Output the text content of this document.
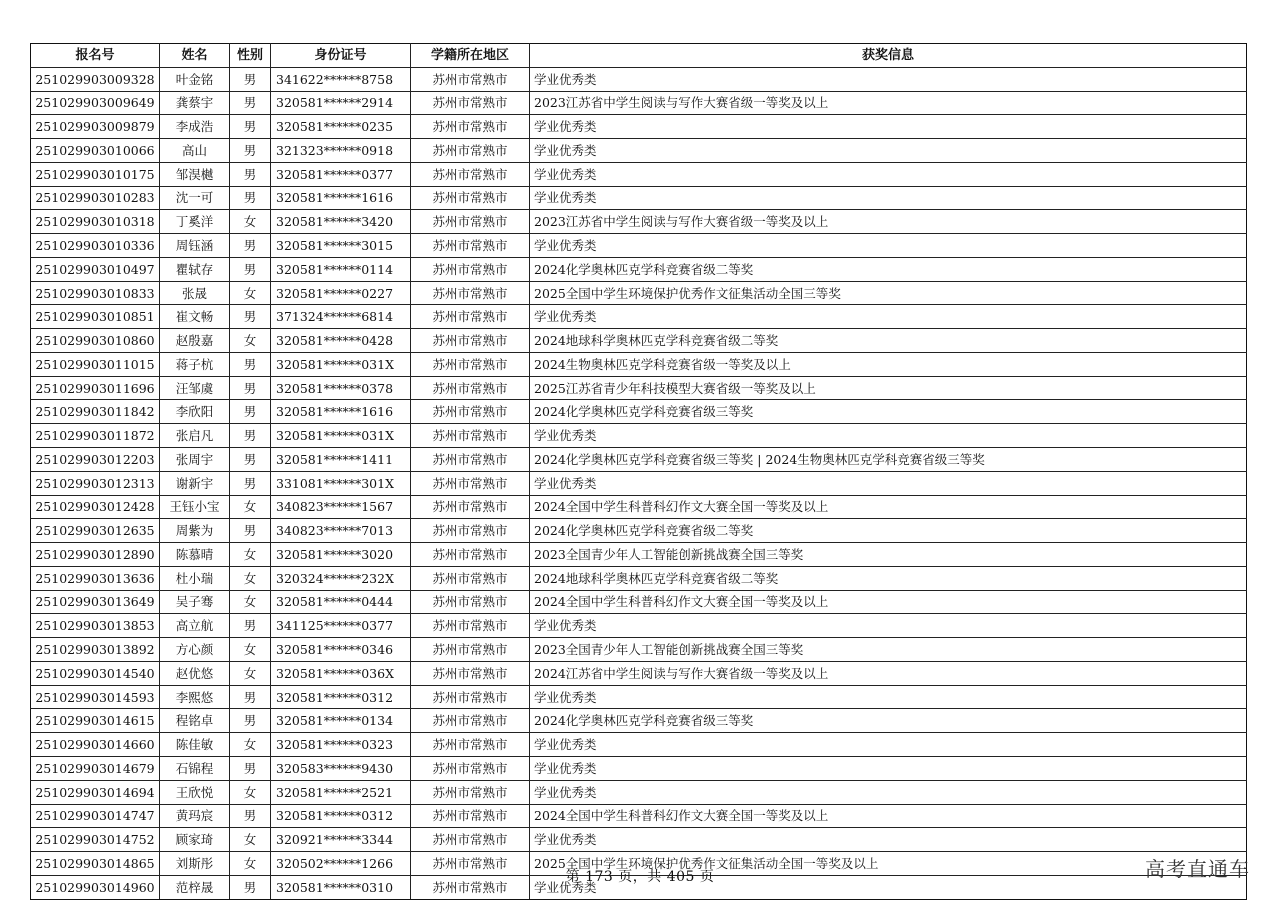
报名号	姓名	性别	身份证号	学籍所在地区	获奖信息
251029903009328	叶金铭	男	341622******8758	苏州市常熟市	学业优秀类
251029903009649	龚蔡宇	男	320581******2914	苏州市常熟市	2023江苏省中学生阅读与写作大赛省级一等奖及以上
251029903009879	李成浩	男	320581******0235	苏州市常熟市	学业优秀类
251029903010066	高山	男	321323******0918	苏州市常熟市	学业优秀类
251029903010175	邹淏樾	男	320581******0377	苏州市常熟市	学业优秀类
251029903010283	沈一可	男	320581******1616	苏州市常熟市	学业优秀类
251029903010318	丁奚洋	女	320581******3420	苏州市常熟市	2023江苏省中学生阅读与写作大赛省级一等奖及以上
251029903010336	周钰涵	男	320581******3015	苏州市常熟市	学业优秀类
251029903010497	瞿轼存	男	320581******0114	苏州市常熟市	2024化学奥林匹克学科竞赛省级二等奖
251029903010833	张晟	女	320581******0227	苏州市常熟市	2025全国中学生环境保护优秀作文征集活动全国三等奖
251029903010851	崔文畅	男	371324******6814	苏州市常熟市	学业优秀类
251029903010860	赵殷嘉	女	320581******0428	苏州市常熟市	2024地球科学奥林匹克学科竞赛省级二等奖
251029903011015	蒋子杭	男	320581******031X	苏州市常熟市	2024生物奥林匹克学科竞赛省级一等奖及以上
251029903011696	汪邹虞	男	320581******0378	苏州市常熟市	2025江苏省青少年科技模型大赛省级一等奖及以上
251029903011842	李欣阳	男	320581******1616	苏州市常熟市	2024化学奥林匹克学科竞赛省级三等奖
251029903011872	张启凡	男	320581******031X	苏州市常熟市	学业优秀类
251029903012203	张周宇	男	320581******1411	苏州市常熟市	2024化学奥林匹克学科竞赛省级三等奖 | 2024生物奥林匹克学科竞赛省级三等奖
251029903012313	谢新宇	男	331081******301X	苏州市常熟市	学业优秀类
251029903012428	王钰小宝	女	340823******1567	苏州市常熟市	2024全国中学生科普科幻作文大赛全国一等奖及以上
251029903012635	周紫为	男	340823******7013	苏州市常熟市	2024化学奥林匹克学科竞赛省级二等奖
251029903012890	陈慕晴	女	320581******3020	苏州市常熟市	2023全国青少年人工智能创新挑战赛全国三等奖
251029903013636	杜小瑞	女	320324******232X	苏州市常熟市	2024地球科学奥林匹克学科竞赛省级二等奖
251029903013649	吴子骞	女	320581******0444	苏州市常熟市	2024全国中学生科普科幻作文大赛全国一等奖及以上
251029903013853	高立航	男	341125******0377	苏州市常熟市	学业优秀类
251029903013892	方心颜	女	320581******0346	苏州市常熟市	2023全国青少年人工智能创新挑战赛全国三等奖
251029903014540	赵优悠	女	320581******036X	苏州市常熟市	2024江苏省中学生阅读与写作大赛省级一等奖及以上
251029903014593	李熙悠	男	320581******0312	苏州市常熟市	学业优秀类
251029903014615	程铭卓	男	320581******0134	苏州市常熟市	2024化学奥林匹克学科竞赛省级三等奖
251029903014660	陈佳敏	女	320581******0323	苏州市常熟市	学业优秀类
251029903014679	石锦程	男	320583******9430	苏州市常熟市	学业优秀类
251029903014694	王欣悦	女	320581******2521	苏州市常熟市	学业优秀类
251029903014747	黄玛宸	男	320581******0312	苏州市常熟市	2024全国中学生科普科幻作文大赛全国一等奖及以上
251029903014752	顾家琦	女	320921******3344	苏州市常熟市	学业优秀类
251029903014865	刘斯彤	女	320502******1266	苏州市常熟市	2025全国中学生环境保护优秀作文征集活动全国一等奖及以上
251029903014960	范梓晟	男	320581******0310	苏州市常熟市	学业优秀类
第 173 页，共 405 页	高考直通车
